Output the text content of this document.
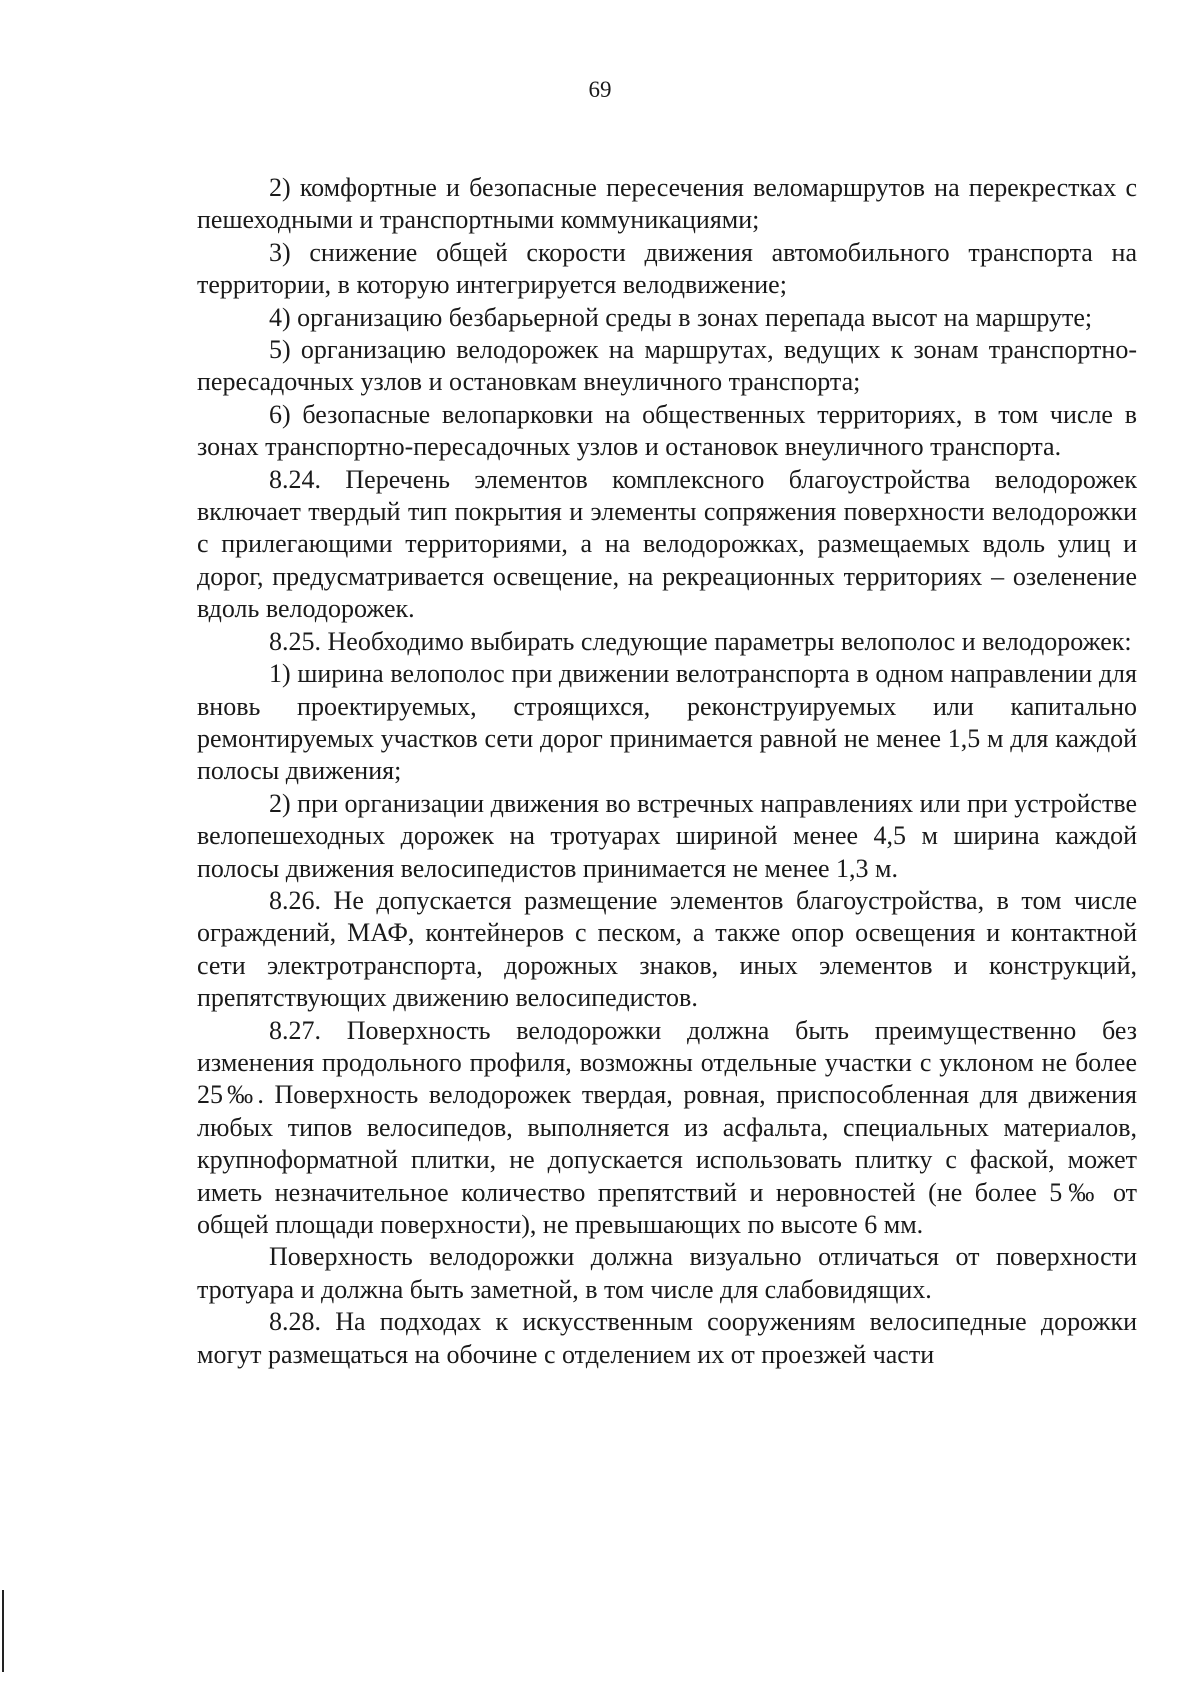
69

2) комфортные и безопасные пересечения веломаршрутов на перекрестках с пешеходными и транспортными коммуникациями;

3) снижение общей скорости движения автомобильного транспорта на территории, в которую интегрируется велодвижение;

4) организацию безбарьерной среды в зонах перепада высот на маршруте;

5) организацию велодорожек на маршрутах, ведущих к зонам транспортно-пересадочных узлов и остановкам внеуличного транспорта;

6) безопасные велопарковки на общественных территориях, в том числе в зонах транспортно-пересадочных узлов и остановок внеуличного транспорта.

8.24. Перечень элементов комплексного благоустройства велодорожек включает твердый тип покрытия и элементы сопряжения поверхности велодорожки с прилегающими территориями, а на велодорожках, размещаемых вдоль улиц и дорог, предусматривается освещение, на рекреационных территориях – озеленение вдоль велодорожек.

8.25. Необходимо выбирать следующие параметры велополос и велодорожек:

1) ширина велополос при движении велотранспорта в одном направлении для вновь проектируемых, строящихся, реконструируемых или капитально ремонтируемых участков сети дорог принимается равной не менее 1,5 м для каждой полосы движения;

2) при организации движения во встречных направлениях или при устройстве велопешеходных дорожек на тротуарах шириной менее 4,5 м ширина каждой полосы движения велосипедистов принимается не менее 1,3 м.

8.26. Не допускается размещение элементов благоустройства, в том числе ограждений, МАФ, контейнеров с песком, а также опор освещения и контактной сети электротранспорта, дорожных знаков, иных элементов и конструкций, препятствующих движению велосипедистов.

8.27. Поверхность велодорожки должна быть преимущественно без изменения продольного профиля, возможны отдельные участки с уклоном не более 25‰. Поверхность велодорожек твердая, ровная, приспособленная для движения любых типов велосипедов, выполняется из асфальта, специальных материалов, крупноформатной плитки, не допускается использовать плитку с фаской, может иметь незначительное количество препятствий и неровностей (не более 5‰ от общей площади поверхности), не превышающих по высоте 6 мм.

Поверхность велодорожки должна визуально отличаться от поверхности тротуара и должна быть заметной, в том числе для слабовидящих.

8.28. На подходах к искусственным сооружениям велосипедные дорожки могут размещаться на обочине с отделением их от проезжей части
